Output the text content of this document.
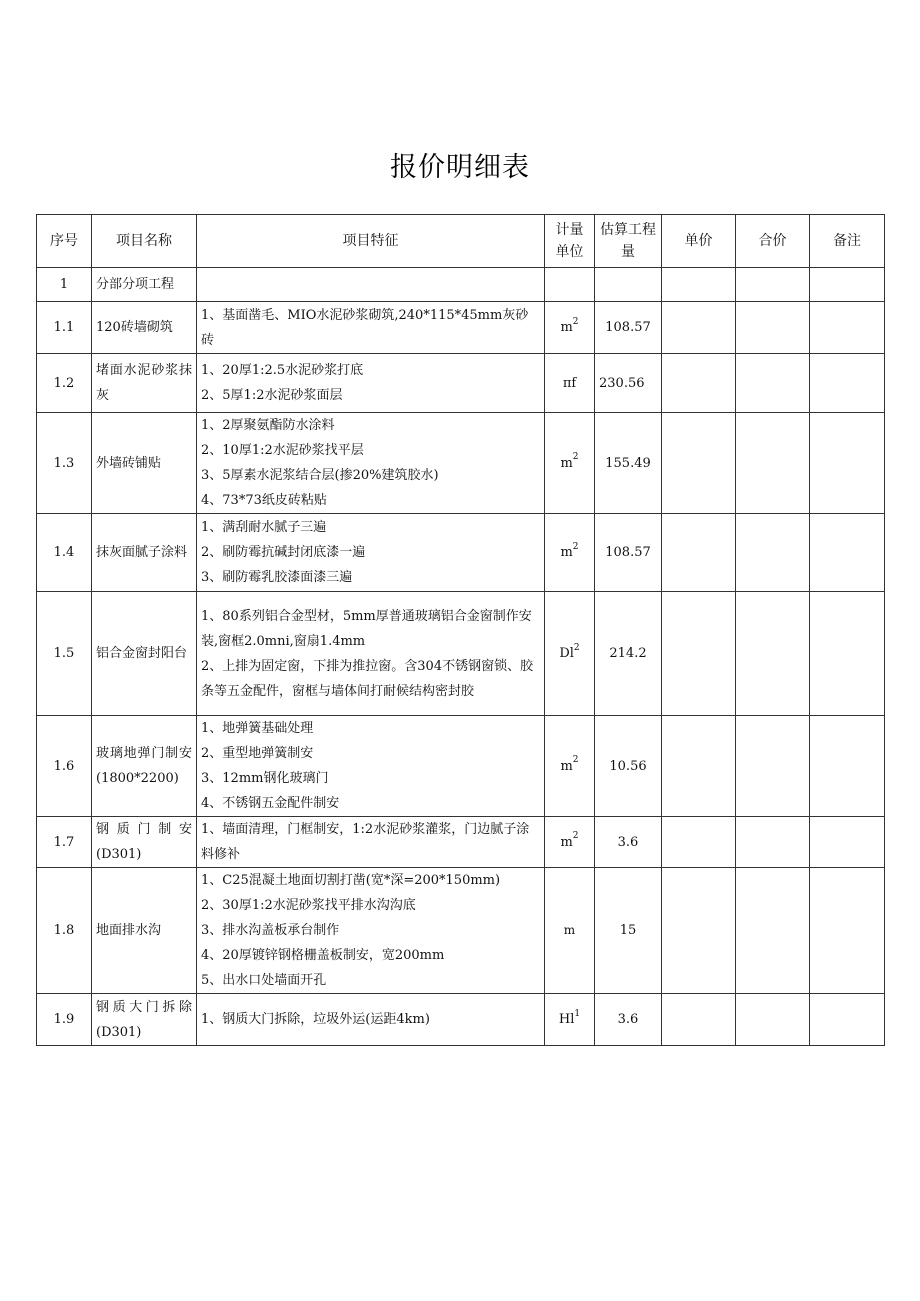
报价明细表
序号	项目名称	项目特征	计量单位	估算工程量	单价	合价	备注
1	分部分项工程						
1.1	120砖墙砌筑	1、基面凿毛、MIO水泥砂浆砌筑,240*115*45mm灰砂砖	$m^2$	108.57			
1.2	堵面水泥砂浆抹灰	1、20厚1:2.5水泥砂浆打底
2、5厚1:2水泥砂浆面层	πf	230.56			
1.3	外墙砖铺贴	1、2厚聚氨酯防水涂料
2、10厚1:2水泥砂浆找平层
3、5厚素水泥浆结合层(掺20%建筑胶水)
4、73*73纸皮砖粘贴	$m^2$	155.49			
1.4	抹灰面腻子涂料	1、满刮耐水腻子三遍
2、刷防霉抗碱封闭底漆一遍
3、刷防霉乳胶漆面漆三遍	$m^2$	108.57			
1.5	铝合金窗封阳台	1、80系列铝合金型材，5mm厚普通玻璃铝合金窗制作安装,窗框2.0mni,窗扇1.4mm
2、上排为固定窗，下排为推拉窗。含304不锈钢窗锁、胶条等五金配件，窗框与墙体间打耐候结构密封胶	Dl$^2$	214.2			
1.6	玻璃地弹门制安(1800*2200)	1、地弹簧基础处理
2、重型地弹簧制安
3、12mm钢化玻璃门
4、不锈钢五金配件制安	$m^2$	10.56			
1.7	钢质门制安(D301)	1、墙面清理，门框制安，1:2水泥砂浆灌浆，门边腻子涂料修补	$m^2$	3.6			
1.8	地面排水沟	1、C25混凝土地面切割打凿(宽*深=200*150mm)
2、30厚1:2水泥砂浆找平排水沟沟底
3、排水沟盖板承台制作
4、20厚镀锌钢格栅盖板制安，宽200mm
5、出水口处墙面开孔	m	15			
1.9	钢质大门拆除(D301)	1、钢质大门拆除，垃圾外运(运距4km)	Hl$^1$	3.6			
